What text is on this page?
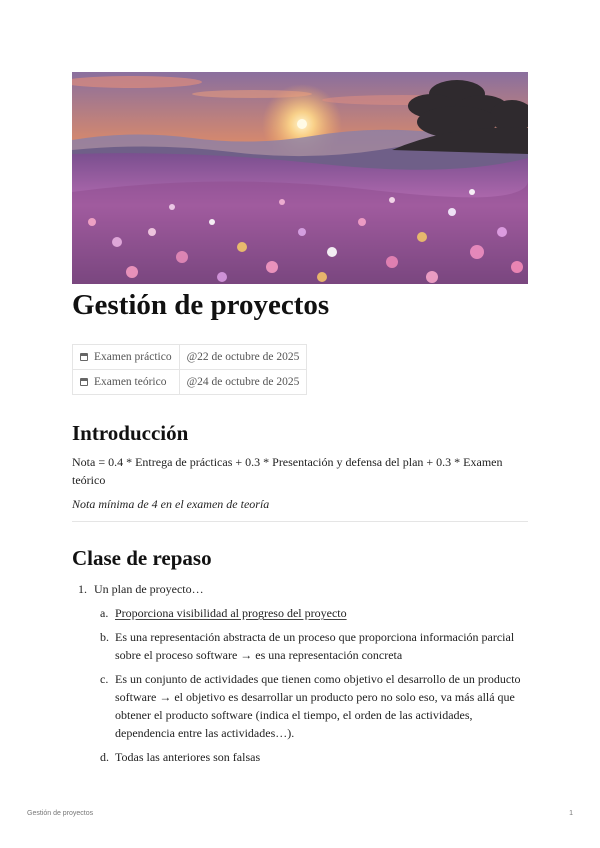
Gestión de proyectos
Examen práctico	@22 de octubre de 2025
Examen teórico	@24 de octubre de 2025
Introducción

Nota = 0.4 * Entrega de prácticas + 0.3 * Presentación y defensa del plan + 0.3 * Examen teórico

Nota mínima de 4 en el examen de teoría

Clase de repaso
1. Un plan de proyecto…
a. Proporciona visibilidad al progreso del proyecto
b. Es una representación abstracta de un proceso que proporciona información parcial sobre el proceso software → es una representación concreta
c. Es un conjunto de actividades que tienen como objetivo el desarrollo de un producto software → el objetivo es desarrollar un producto pero no solo eso, va más allá que obtener el producto software (indica el tiempo, el orden de las actividades, dependencia entre las actividades…).
d. Todas las anteriores son falsas
Gestión de proyectos	1
